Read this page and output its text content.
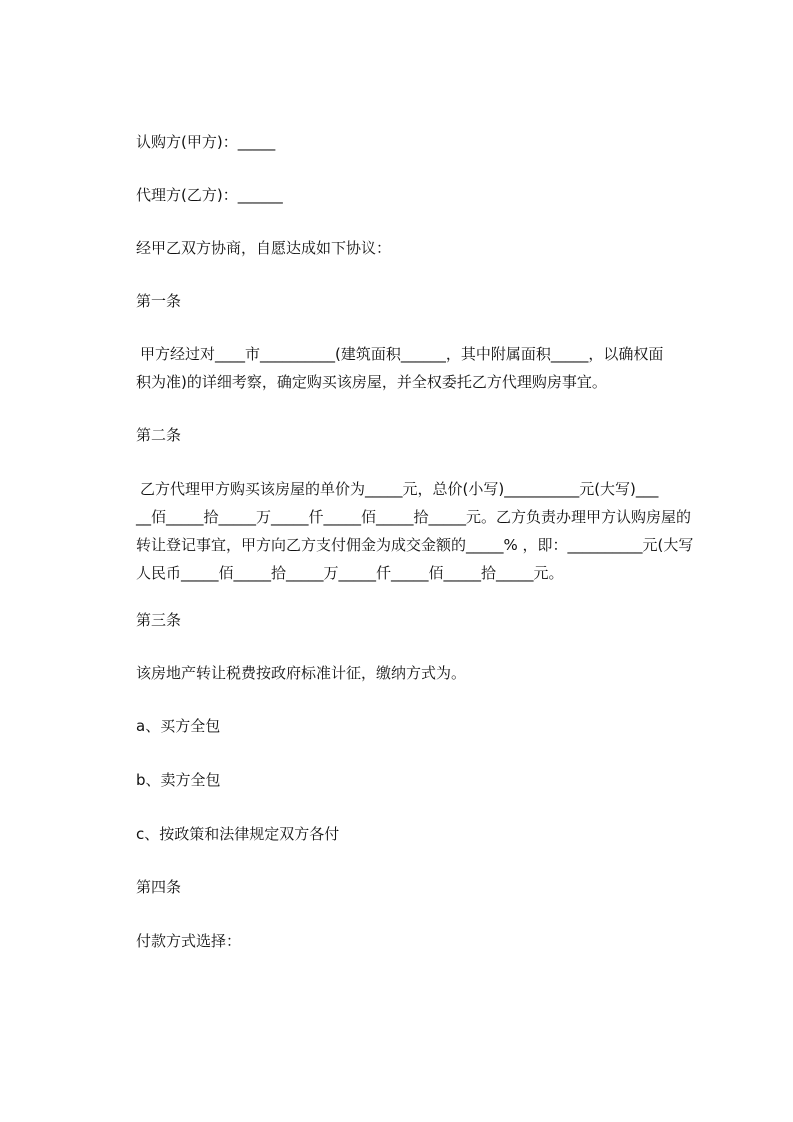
认购方(甲方)：_____
代理方(乙方)：______
经甲乙双方协商，自愿达成如下协议：
第一条
甲方经过对____市__________(建筑面积______，其中附属面积_____，以确权面
积为准)的详细考察，确定购买该房屋，并全权委托乙方代理购房事宜。
第二条
乙方代理甲方购买该房屋的单价为_____元，总价(小写)__________元(大写)___
__佰_____拾_____万_____仟_____佰_____拾_____元。乙方负责办理甲方认购房屋的
转让登记事宜，甲方向乙方支付佣金为成交金额的_____% ，即：__________元(大写
人民币_____佰_____拾_____万_____仟_____佰_____拾_____元。
第三条
该房地产转让税费按政府标准计征，缴纳方式为。
a、买方全包
b、卖方全包
c、按政策和法律规定双方各付
第四条
付款方式选择：
